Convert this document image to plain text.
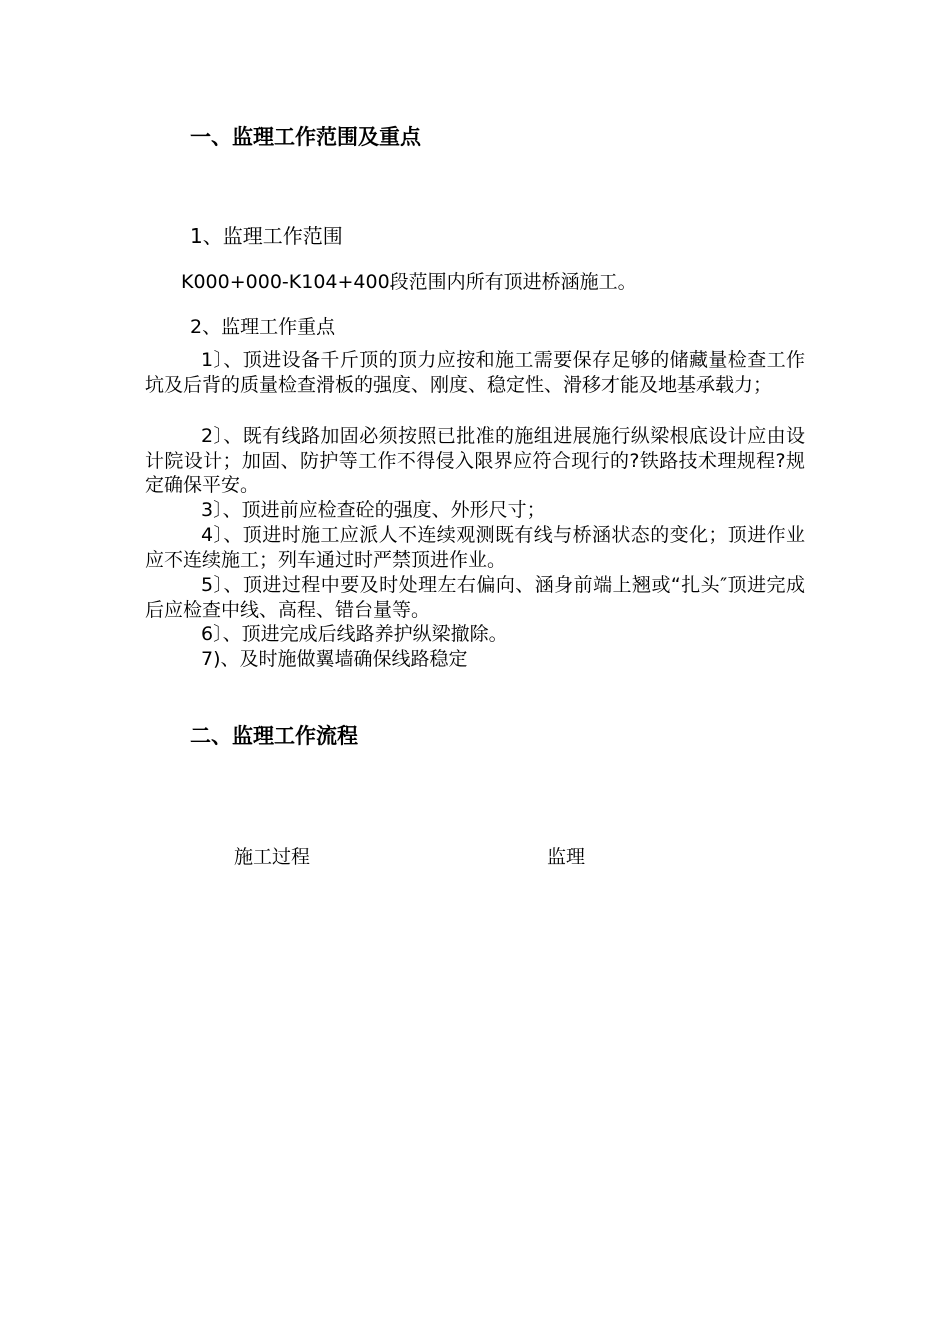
一、监理工作范围及重点
1、监理工作范围
K000+000-K104+400段范围内所有顶进桥涵施工。
2、监理工作重点
1〕、顶进设备千斤顶的顶力应按和施工需要保存足够的储藏量检查工作坑及后背的质量检查滑板的强度、刚度、稳定性、滑移才能及地基承载力；
2〕、既有线路加固必须按照已批准的施组进展施行纵梁根底设计应由设计院设计；加固、防护等工作不得侵入限界应符合现行的?铁路技术理规程?规定确保平安。
3〕、顶进前应检查砼的强度、外形尺寸；
4〕、顶进时施工应派人不连续观测既有线与桥涵状态的变化；顶进作业应不连续施工；列车通过时严禁顶进作业。
5〕、顶进过程中要及时处理左右偏向、涵身前端上翘或“扎头″顶进完成后应检查中线、高程、错台量等。
6〕、顶进完成后线路养护纵梁撤除。
7)、及时施做翼墙确保线路稳定
二、监理工作流程
施工过程	监理
